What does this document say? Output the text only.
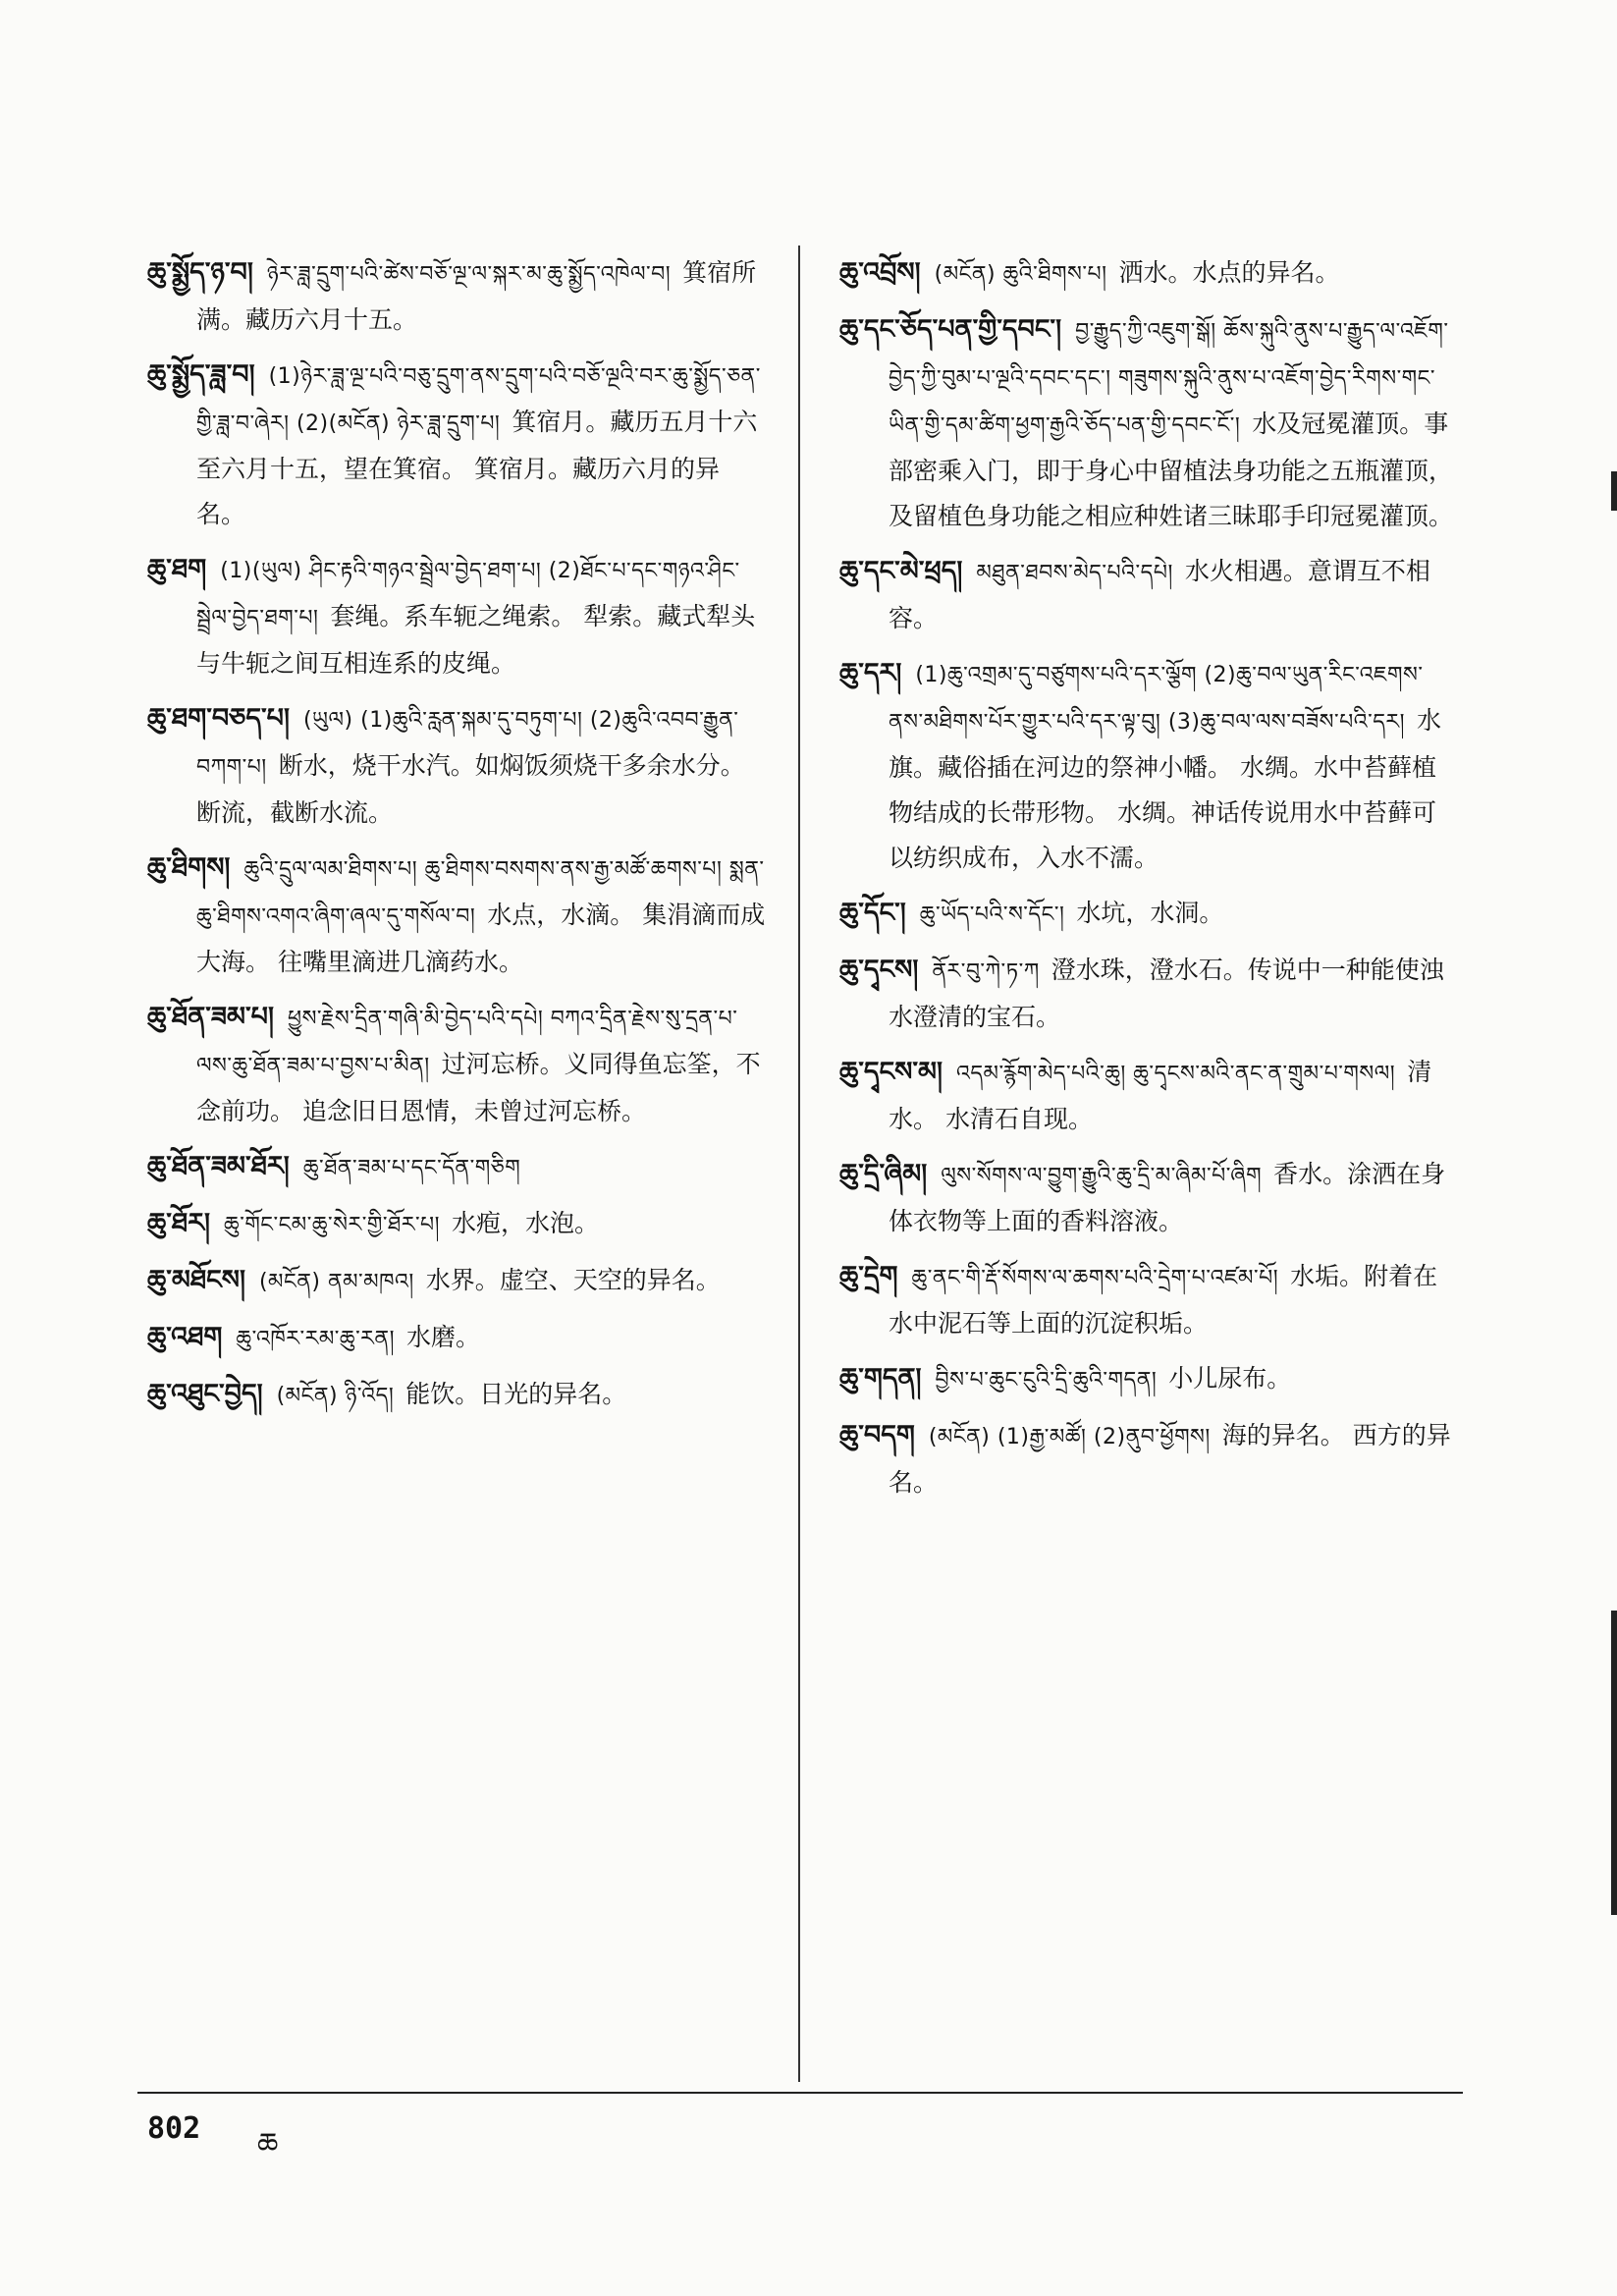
ཆུ་སྨྱོད་ཉ་བ། ཉེར་ཟླ་དྲུག་པའི་ཚེས་བཅོ་ལྔ་ལ་སྐར་མ་ཆུ་སྨྱོད་འཁེལ་བ། 箕宿所满。藏历六月十五。

ཆུ་སྨྱོད་ཟླ་བ། (1)ཉེར་ཟླ་ལྔ་པའི་བཅུ་དྲུག་ནས་དྲུག་པའི་བཅོ་ལྔའི་བར་ཆུ་སྨྱོད་ཅན་གྱི་ཟླ་བ་ཞེར། (2)(མངོན) ཉེར་ཟླ་དྲུག་པ། 箕宿月。藏历五月十六至六月十五，望在箕宿。 箕宿月。藏历六月的异名。

ཆུ་ཐག (1)(ཡུལ) ཤིང་རྟའི་གཉའ་སྦྲེལ་བྱེད་ཐག་པ། (2)ཐོང་པ་དང་གཉའ་ཤིང་སྦྲེལ་བྱེད་ཐག་པ། 套绳。系车轭之绳索。 犁索。藏式犁头与牛轭之间互相连系的皮绳。

ཆུ་ཐག་བཅད་པ། (ཡུལ) (1)ཆུའི་རླན་སྐམ་དུ་བཏུག་པ། (2)ཆུའི་འབབ་རྒྱུན་བཀག་པ། 断水，烧干水汽。如焖饭须烧干多余水分。 断流，截断水流。

ཆུ་ཐིགས། ཆུའི་དྲུལ་ལམ་ཐིགས་པ། ཆུ་ཐིགས་བསགས་ནས་རྒྱ་མཚོ་ཆགས་པ། སྨན་ཆུ་ཐིགས་འགའ་ཞིག་ཞལ་དུ་གསོལ་བ། 水点，水滴。 集涓滴而成大海。 往嘴里滴进几滴药水。

ཆུ་ཐོན་ཟམ་པ། ཕྱུས་རྗེས་དྲིན་གཞི་མི་བྱེད་པའི་དཔེ། བཀའ་དྲིན་རྗེས་སུ་དྲན་པ་ལས་ཆུ་ཐོན་ཟམ་པ་བྱས་པ་མིན། 过河忘桥。义同得鱼忘筌，不念前功。 追念旧日恩情，未曾过河忘桥。

ཆུ་ཐོན་ཟམ་ཐོར། ཆུ་ཐོན་ཟམ་པ་དང་དོན་གཅིག

ཆུ་ཐོར། ཆུ་གོང་ངམ་ཆུ་སེར་གྱི་ཐོར་པ། 水疱，水泡。

ཆུ་མཐོངས། (མངོན) ནམ་མཁའ། 水界。虚空、天空的异名。

ཆུ་འཐག ཆུ་འཁོར་རམ་ཆུ་རན། 水磨。

ཆུ་འཐུང་བྱེད། (མངོན) ཉི་འོད། 能饮。日光的异名。

ཆུ་འབྲོས། (མངོན) ཆུའི་ཐིགས་པ། 洒水。水点的异名。

ཆུ་དང་ཅོད་པན་གྱི་དབང་། བྱ་རྒྱུད་ཀྱི་འཇུག་སྒོ། ཆོས་སྐུའི་ནུས་པ་རྒྱུད་ལ་འཇོག་བྱེད་ཀྱི་བུམ་པ་ལྔའི་དབང་དང་། གཟུགས་སྐུའི་ནུས་པ་འཇོག་བྱེད་རིགས་གང་ཡིན་གྱི་དམ་ཚིག་ཕྱག་རྒྱའི་ཅོད་པན་གྱི་དབང་ངོ་། 水及冠冕灌顶。事部密乘入门，即于身心中留植法身功能之五瓶灌顶，及留植色身功能之相应种姓诸三昧耶手印冠冕灌顶。

ཆུ་དང་མེ་ཕྲད། མཐུན་ཐབས་མེད་པའི་དཔེ། 水火相遇。意谓互不相容。

ཆུ་དར། (1)ཆུ་འགྲམ་དུ་བཙུགས་པའི་དར་ལྕོག (2)ཆུ་བལ་ཡུན་རིང་འཇགས་ནས་མཐིགས་པོར་གྱུར་པའི་དར་ལྟ་བུ། (3)ཆུ་བལ་ལས་བཟོས་པའི་དར། 水旗。藏俗插在河边的祭神小幡。 水绸。水中苔藓植物结成的长带形物。 水绸。神话传说用水中苔藓可以纺织成布，入水不濡。

ཆུ་དོང་། ཆུ་ཡོད་པའི་ས་དོང་། 水坑，水洞。

ཆུ་དྭངས། ནོར་བུ་ཀེ་ཏ་ཀ 澄水珠，澄水石。传说中一种能使浊水澄清的宝石。

ཆུ་དྭངས་མ། འདམ་རྙོག་མེད་པའི་ཆུ། ཆུ་དྭངས་མའི་ནང་ན་གྲུམ་པ་གསལ། 清水。 水清石自现。

ཆུ་དྲི་ཞིམ། ལུས་སོགས་ལ་བྱུག་རྒྱུའི་ཆུ་དྲི་མ་ཞིམ་པོ་ཞིག 香水。涂洒在身体衣物等上面的香料溶液。

ཆུ་དྲེག ཆུ་ནང་གི་རྡོ་སོགས་ལ་ཆགས་པའི་དྲེག་པ་འཛམ་པོ། 水垢。附着在水中泥石等上面的沉淀积垢。

ཆུ་གདན། བྱིས་པ་ཆུང་ངུའི་དྲི་ཆུའི་གདན། 小儿尿布。

ཆུ་བདག (མངོན) (1)རྒྱ་མཚོ། (2)ནུབ་ཕྱོགས། 海的异名。 西方的异名。

802 ཆ
